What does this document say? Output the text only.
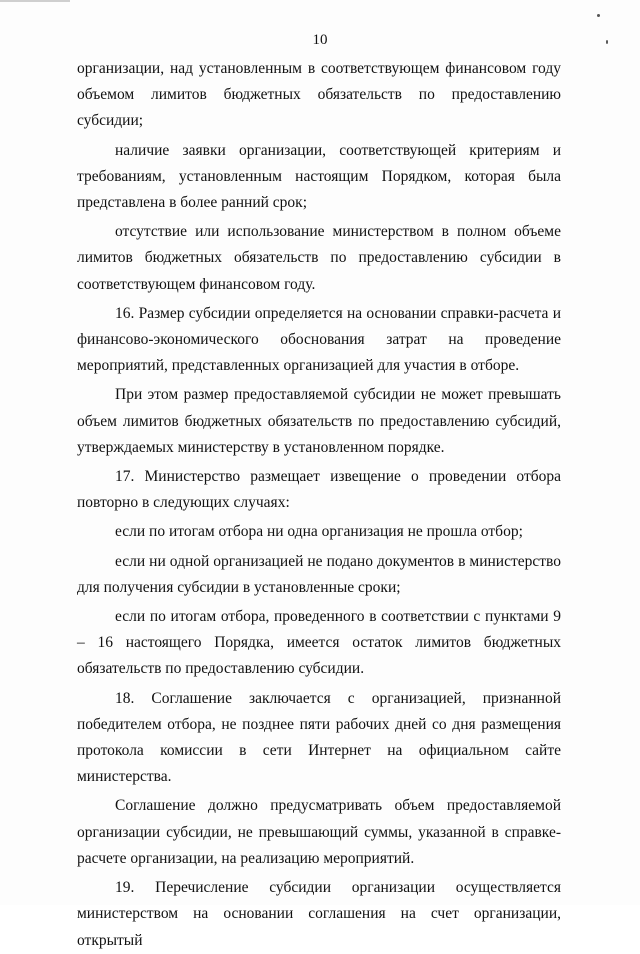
10

организации, над установленным в соответствующем финансовом году объемом лимитов бюджетных обязательств по предоставлению субсидии;

наличие заявки организации, соответствующей критериям и требованиям, установленным настоящим Порядком, которая была представлена в более ранний срок;

отсутствие или использование министерством в полном объеме лимитов бюджетных обязательств по предоставлению субсидии в соответствующем финансовом году.

16. Размер субсидии определяется на основании справки-расчета и финансово-экономического обоснования затрат на проведение мероприятий, представленных организацией для участия в отборе.

При этом размер предоставляемой субсидии не может превышать объем лимитов бюджетных обязательств по предоставлению субсидий, утверждаемых министерству в установленном порядке.

17. Министерство размещает извещение о проведении отбора повторно в следующих случаях:

если по итогам отбора ни одна организация не прошла отбор;

если ни одной организацией не подано документов в министерство для получения субсидии в установленные сроки;

если по итогам отбора, проведенного в соответствии с пунктами 9 – 16 настоящего Порядка, имеется остаток лимитов бюджетных обязательств по предоставлению субсидии.

18. Соглашение заключается с организацией, признанной победителем отбора, не позднее пяти рабочих дней со дня размещения протокола комиссии в сети Интернет на официальном сайте министерства.

Соглашение должно предусматривать объем предоставляемой организации субсидии, не превышающий суммы, указанной в справке-расчете организации, на реализацию мероприятий.

19. Перечисление субсидии организации осуществляется министерством на основании соглашения на счет организации, открытый
